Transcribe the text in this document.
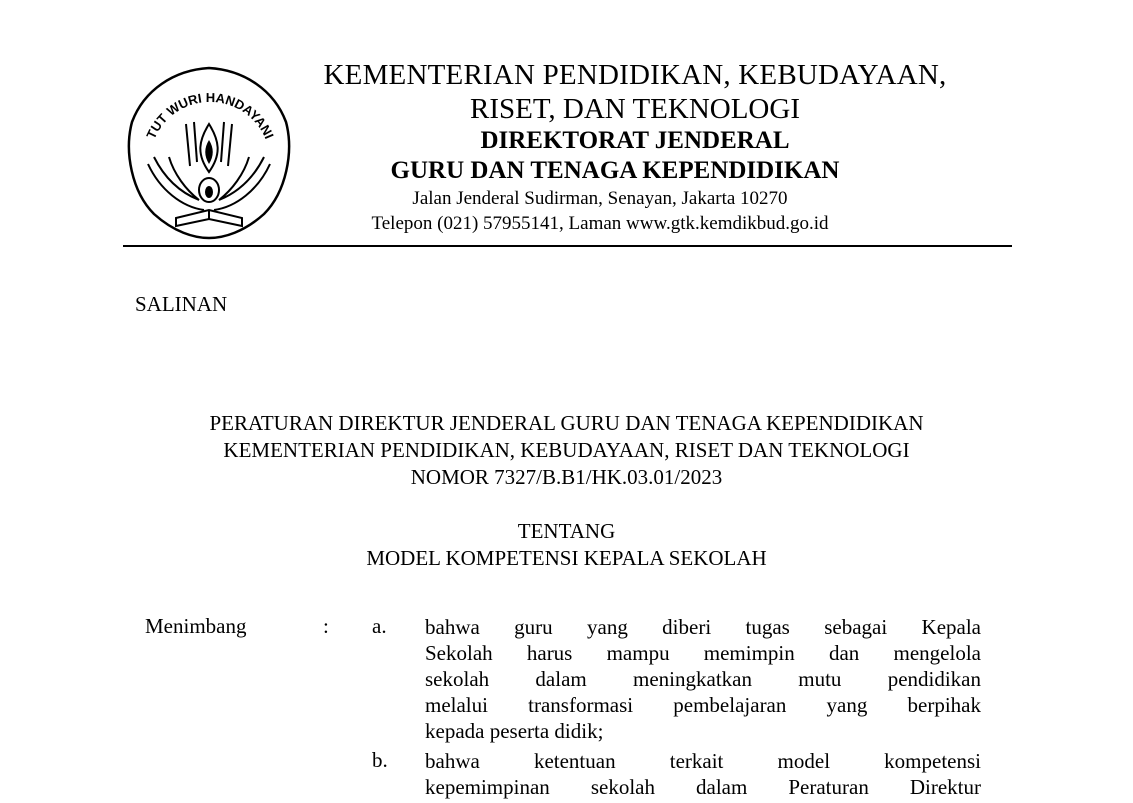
TUT WURI HANDAYANI
KEMENTERIAN PENDIDIKAN, KEBUDAYAAN,
RISET, DAN TEKNOLOGI
DIREKTORAT JENDERAL
GURU DAN TENAGA KEPENDIDIKAN
Jalan Jenderal Sudirman, Senayan, Jakarta 10270
Telepon (021) 57955141, Laman www.gtk.kemdikbud.go.id
SALINAN
PERATURAN DIREKTUR JENDERAL GURU DAN TENAGA KEPENDIDIKAN
KEMENTERIAN PENDIDIKAN, KEBUDAYAAN, RISET DAN TEKNOLOGI
NOMOR 7327/B.B1/HK.03.01/2023
TENTANG
MODEL KOMPETENSI KEPALA SEKOLAH
Menimbang	: a. bahwa guru yang diberi tugas sebagai Kepala
Sekolah harus mampu memimpin dan mengelola
sekolah dalam meningkatkan mutu pendidikan
melalui transformasi pembelajaran yang berpihak
kepada peserta didik;
b. bahwa ketentuan terkait model kompetensi
kepemimpinan sekolah dalam Peraturan Direktur
